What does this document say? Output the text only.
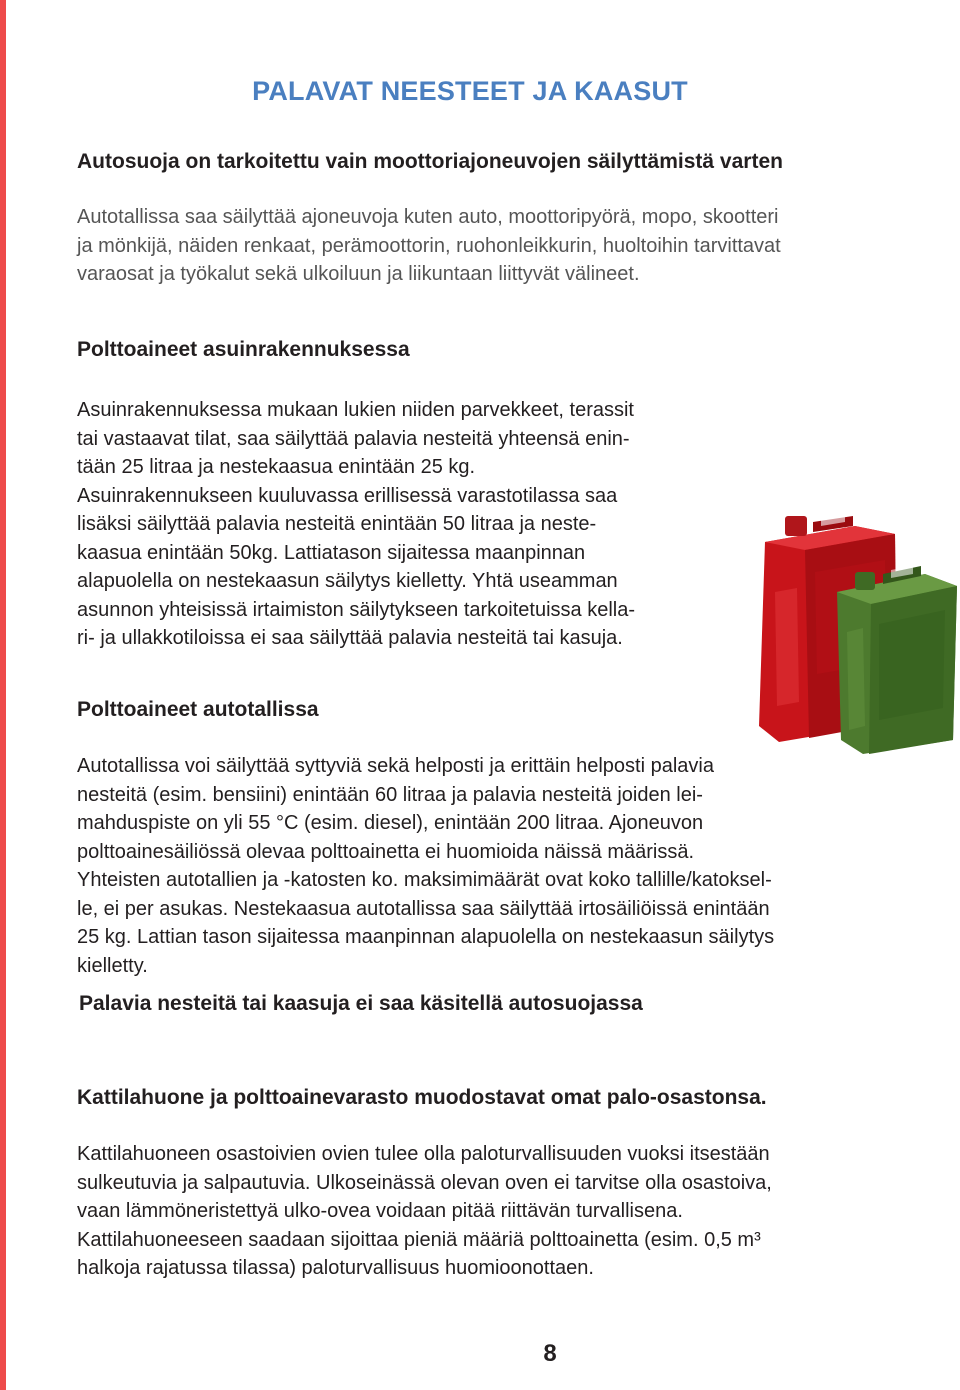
PALAVAT NEESTEET JA KAASUT
Autosuoja on tarkoitettu vain moottoriajoneuvojen säilyttämistä varten
Autotallissa saa säilyttää ajoneuvoja kuten auto, moottoripyörä, mopo, skootteri
ja mönkijä, näiden renkaat, perämoottorin, ruohonleikkurin, huoltoihin tarvittavat
varaosat ja työkalut sekä ulkoiluun ja liikuntaan liittyvät välineet.
Polttoaineet asuinrakennuksessa
Asuinrakennuksessa mukaan lukien niiden parvekkeet, terassit
tai vastaavat tilat, saa säilyttää palavia nesteitä yhteensä enin-
tään 25 litraa ja nestekaasua enintään 25 kg.
Asuinrakennukseen kuuluvassa erillisessä varastotilassa saa
lisäksi säilyttää palavia nesteitä enintään 50 litraa ja neste-
kaasua enintään 50kg. Lattiatason sijaitessa maanpinnan
alapuolella on nestekaasun säilytys kielletty. Yhtä useamman
asunnon yhteisissä irtaimiston säilytykseen tarkoitetuissa kella-
ri- ja ullakkotiloissa ei saa säilyttää palavia nesteitä tai kasuja.
Polttoaineet autotallissa
Autotallissa voi säilyttää syttyviä sekä helposti ja erittäin helposti palavia
nesteitä (esim. bensiini) enintään 60 litraa ja palavia nesteitä joiden lei-
mahduspiste on yli 55 °C (esim. diesel), enintään 200 litraa. Ajoneuvon
polttoainesäiliössä olevaa polttoainetta ei huomioida näissä määrissä.
Yhteisten autotallien ja -katosten ko. maksimimäärät ovat koko tallille/katoksel-
le, ei per asukas. Nestekaasua autotallissa saa säilyttää irtosäiliöissä enintään
25 kg. Lattian tason sijaitessa maanpinnan alapuolella on nestekaasun säilytys
kielletty.
Palavia nesteitä tai kaasuja ei saa käsitellä autosuojassa
Kattilahuone ja polttoainevarasto muodostavat omat palo-osastonsa.
Kattilahuoneen osastoivien ovien tulee olla paloturvallisuuden vuoksi itsestään
sulkeutuvia ja salpautuvia. Ulkoseinässä olevan oven ei tarvitse olla osastoiva,
vaan lämmöneristettyä ulko-ovea voidaan pitää riittävän turvallisena.
Kattilahuoneeseen saadaan sijoittaa pieniä määriä polttoainetta (esim. 0,5 m³
halkoja rajatussa tilassa) paloturvallisuus huomioonottaen.
8
